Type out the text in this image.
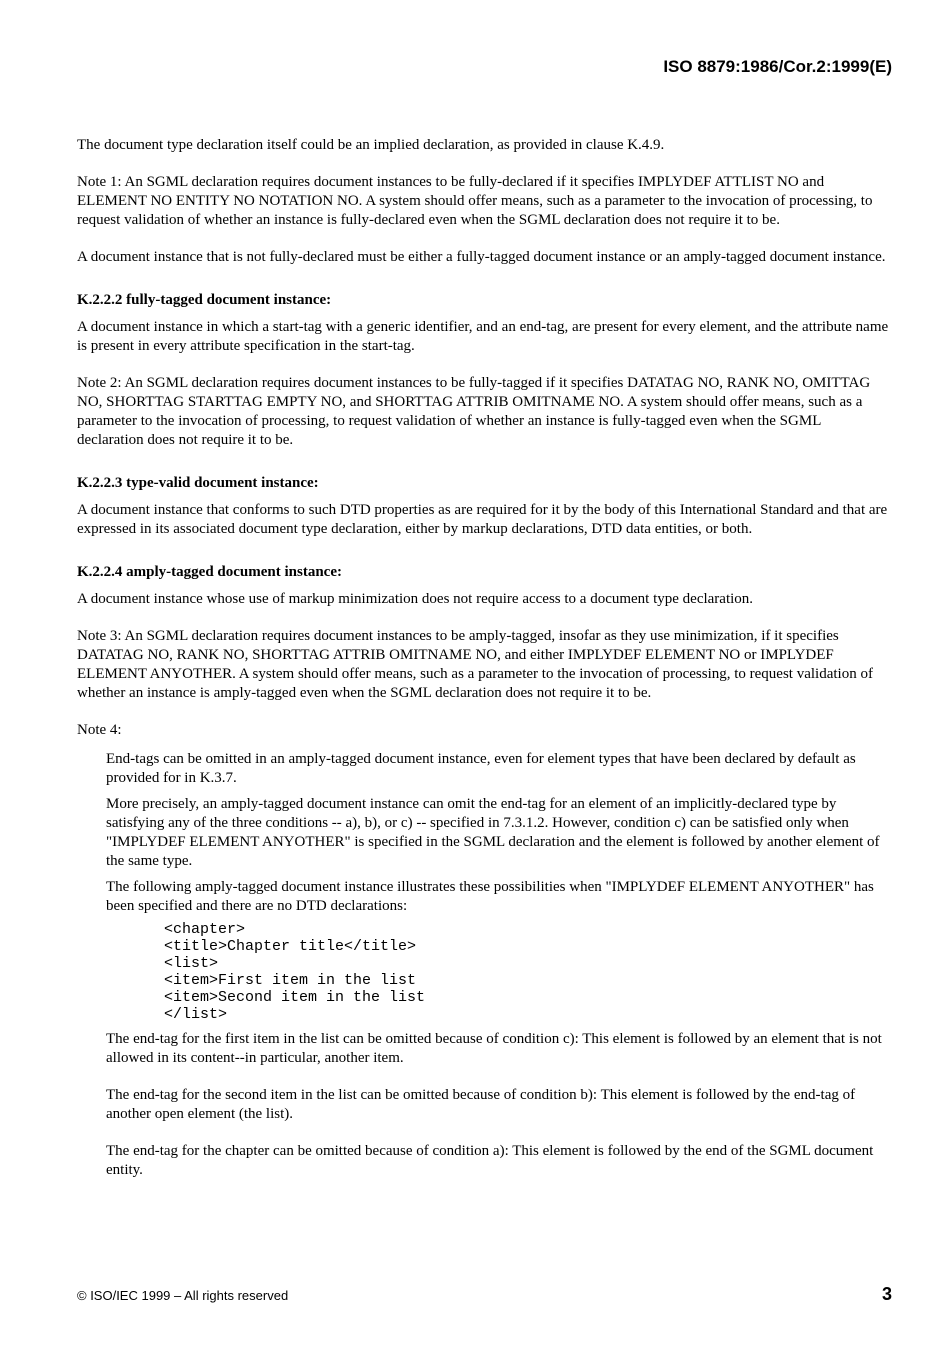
ISO 8879:1986/Cor.2:1999(E)

The document type declaration itself could be an implied declaration, as provided in clause K.4.9.

Note 1: An SGML declaration requires document instances to be fully-declared if it specifies IMPLYDEF ATTLIST NO and ELEMENT NO ENTITY NO NOTATION NO. A system should offer means, such as a parameter to the invocation of processing, to request validation of whether an instance is fully-declared even when the SGML declaration does not require it to be.

A document instance that is not fully-declared must be either a fully-tagged document instance or an amply-tagged document instance.

K.2.2.2 fully-tagged document instance:

A document instance in which a start-tag with a generic identifier, and an end-tag, are present for every element, and the attribute name is present in every attribute specification in the start-tag.

Note 2: An SGML declaration requires document instances to be fully-tagged if it specifies DATATAG NO, RANK NO, OMITTAG NO, SHORTTAG STARTTAG EMPTY NO, and SHORTTAG ATTRIB OMITNAME NO. A system should offer means, such as a parameter to the invocation of processing, to request validation of whether an instance is fully-tagged even when the SGML declaration does not require it to be.

K.2.2.3 type-valid document instance:

A document instance that conforms to such DTD properties as are required for it by the body of this International Standard and that are expressed in its associated document type declaration, either by markup declarations, DTD data entities, or both.

K.2.2.4 amply-tagged document instance:

A document instance whose use of markup minimization does not require access to a document type declaration.

Note 3: An SGML declaration requires document instances to be amply-tagged, insofar as they use minimization, if it specifies DATATAG NO, RANK NO, SHORTTAG ATTRIB OMITNAME NO, and either IMPLYDEF ELEMENT NO or IMPLYDEF ELEMENT ANYOTHER. A system should offer means, such as a parameter to the invocation of processing, to request validation of whether an instance is amply-tagged even when the SGML declaration does not require it to be.

Note 4:

End-tags can be omitted in an amply-tagged document instance, even for element types that have been declared by default as provided for in K.3.7.

More precisely, an amply-tagged document instance can omit the end-tag for an element of an implicitly-declared type by satisfying any of the three conditions -- a), b), or c) -- specified in 7.3.1.2. However, condition c) can be satisfied only when "IMPLYDEF ELEMENT ANYOTHER" is specified in the SGML declaration and the element is followed by another element of the same type.

The following amply-tagged document instance illustrates these possibilities when "IMPLYDEF ELEMENT ANYOTHER" has been specified and there are no DTD declarations:

<chapter>
<title>Chapter title</title>
<list>
<item>First item in the list
<item>Second item in the list
</list>

The end-tag for the first item in the list can be omitted because of condition c): This element is followed by an element that is not allowed in its content--in particular, another item.

The end-tag for the second item in the list can be omitted because of condition b): This element is followed by the end-tag of another open element (the list).

The end-tag for the chapter can be omitted because of condition a): This element is followed by the end of the SGML document entity.

© ISO/IEC 1999 – All rights reserved	3
